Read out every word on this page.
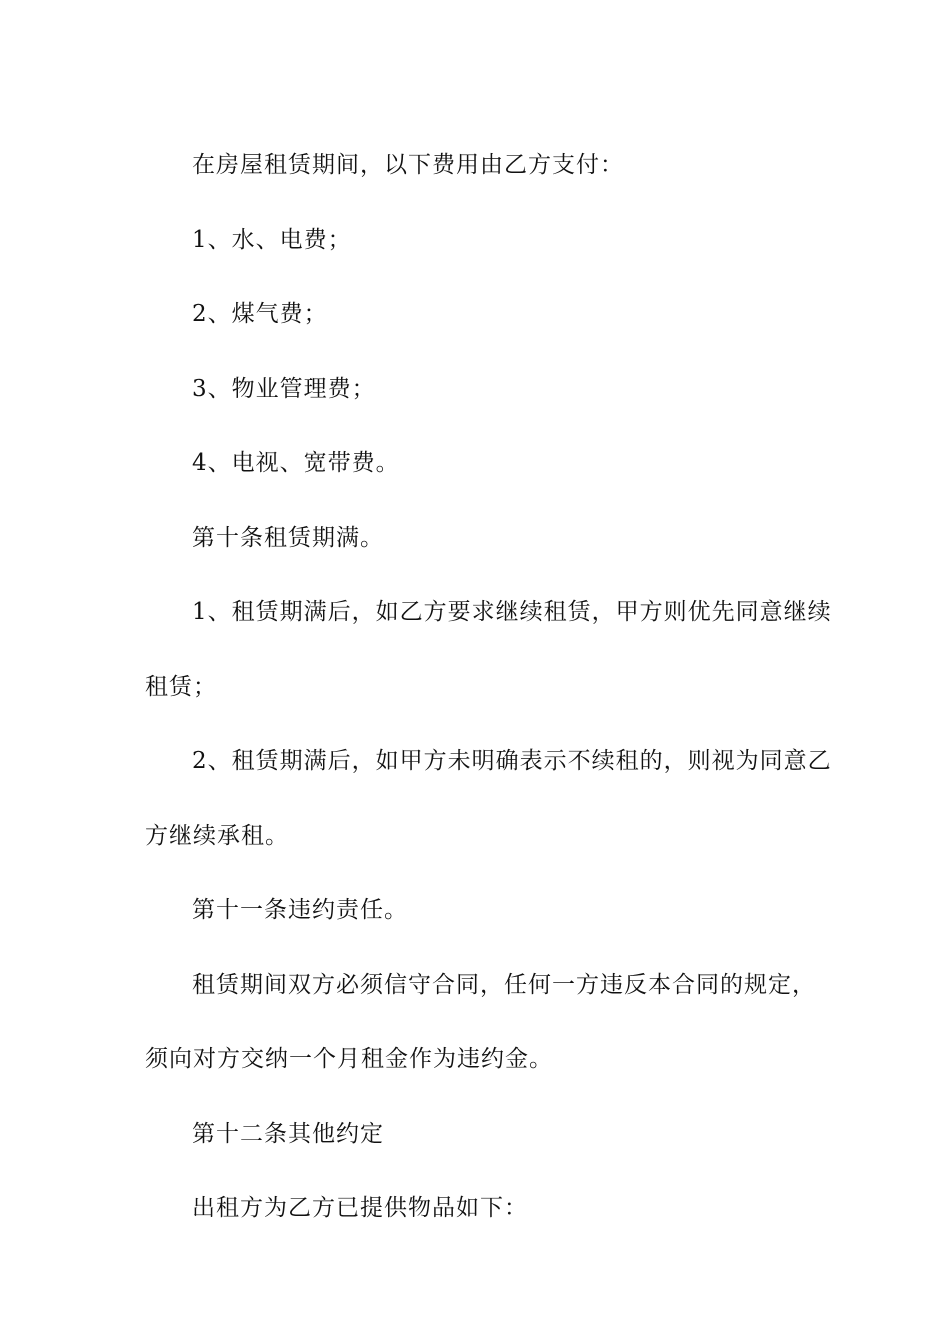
在房屋租赁期间，以下费用由乙方支付：

1、水、电费；

2、煤气费；

3、物业管理费；

4、电视、宽带费。

第十条租赁期满。

1、租赁期满后，如乙方要求继续租赁，甲方则优先同意继续租赁；

2、租赁期满后，如甲方未明确表示不续租的，则视为同意乙方继续承租。

第十一条违约责任。

租赁期间双方必须信守合同，任何一方违反本合同的规定，须向对方交纳一个月租金作为违约金。

第十二条其他约定

出租方为乙方已提供物品如下：
